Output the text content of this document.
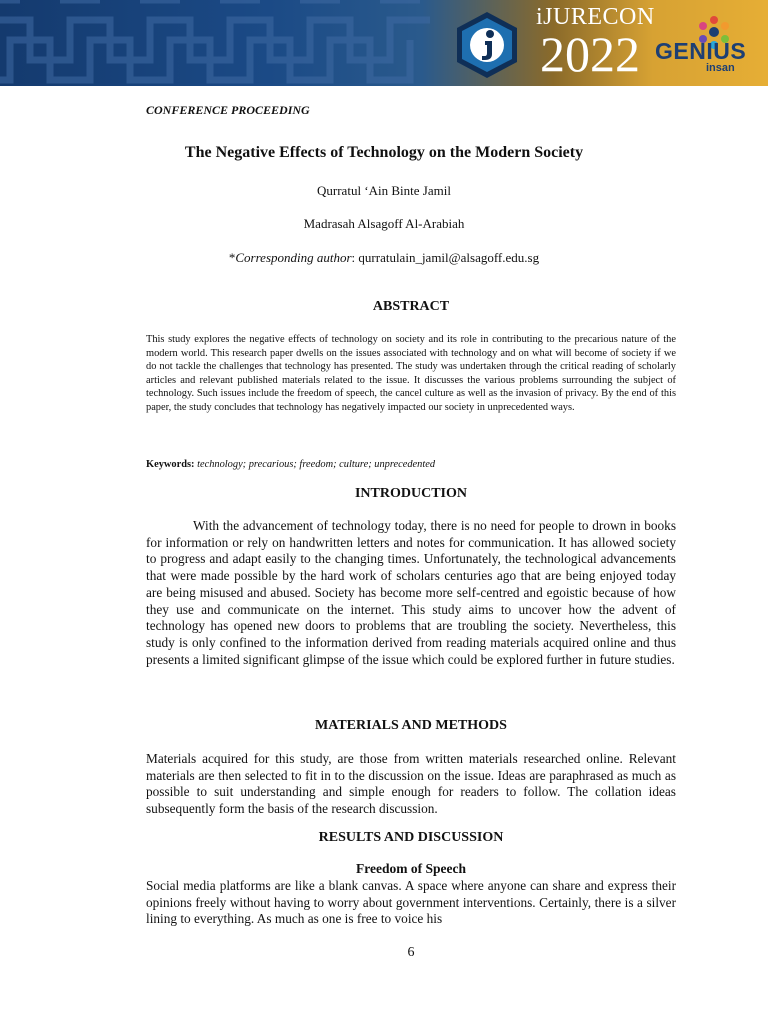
iJURECON
2022 GENIUS
insan
CONFERENCE PROCEEDING
The Negative Effects of Technology on the Modern Society
Qurratul ‘Ain Binte Jamil
Madrasah Alsagoff Al-Arabiah
*Corresponding author: qurratulain_jamil@alsagoff.edu.sg
ABSTRACT

This study explores the negative effects of technology on society and its role in contributing to the precarious nature of the modern world. This research paper dwells on the issues associated with technology and on what will become of society if we do not tackle the challenges that technology has presented. The study was undertaken through the critical reading of scholarly articles and relevant published materials related to the issue. It discusses the various problems surrounding the subject of technology. Such issues include the freedom of speech, the cancel culture as well as the invasion of privacy. By the end of this paper, the study concludes that technology has negatively impacted our society in unprecedented ways.

Keywords: technology; precarious; freedom; culture; unprecedented
INTRODUCTION

With the advancement of technology today, there is no need for people to drown in books for information or rely on handwritten letters and notes for communication. It has allowed society to progress and adapt easily to the changing times. Unfortunately, the technological advancements that were made possible by the hard work of scholars centuries ago that are being enjoyed today are being misused and abused. Society has become more self-centred and egoistic because of how they use and communicate on the internet. This study aims to uncover how the advent of technology has opened new doors to problems that are troubling the society. Nevertheless, this study is only confined to the information derived from reading materials acquired online and thus presents a limited significant glimpse of the issue which could be explored further in future studies.

MATERIALS AND METHODS

Materials acquired for this study, are those from written materials researched online. Relevant materials are then selected to fit in to the discussion on the issue. Ideas are paraphrased as much as possible to suit understanding and simple enough for readers to follow. The collation ideas subsequently form the basis of the research discussion.

RESULTS AND DISCUSSION
Freedom of Speech

Social media platforms are like a blank canvas. A space where anyone can share and express their opinions freely without having to worry about government interventions. Certainly, there is a silver lining to everything. As much as one is free to voice his

6
